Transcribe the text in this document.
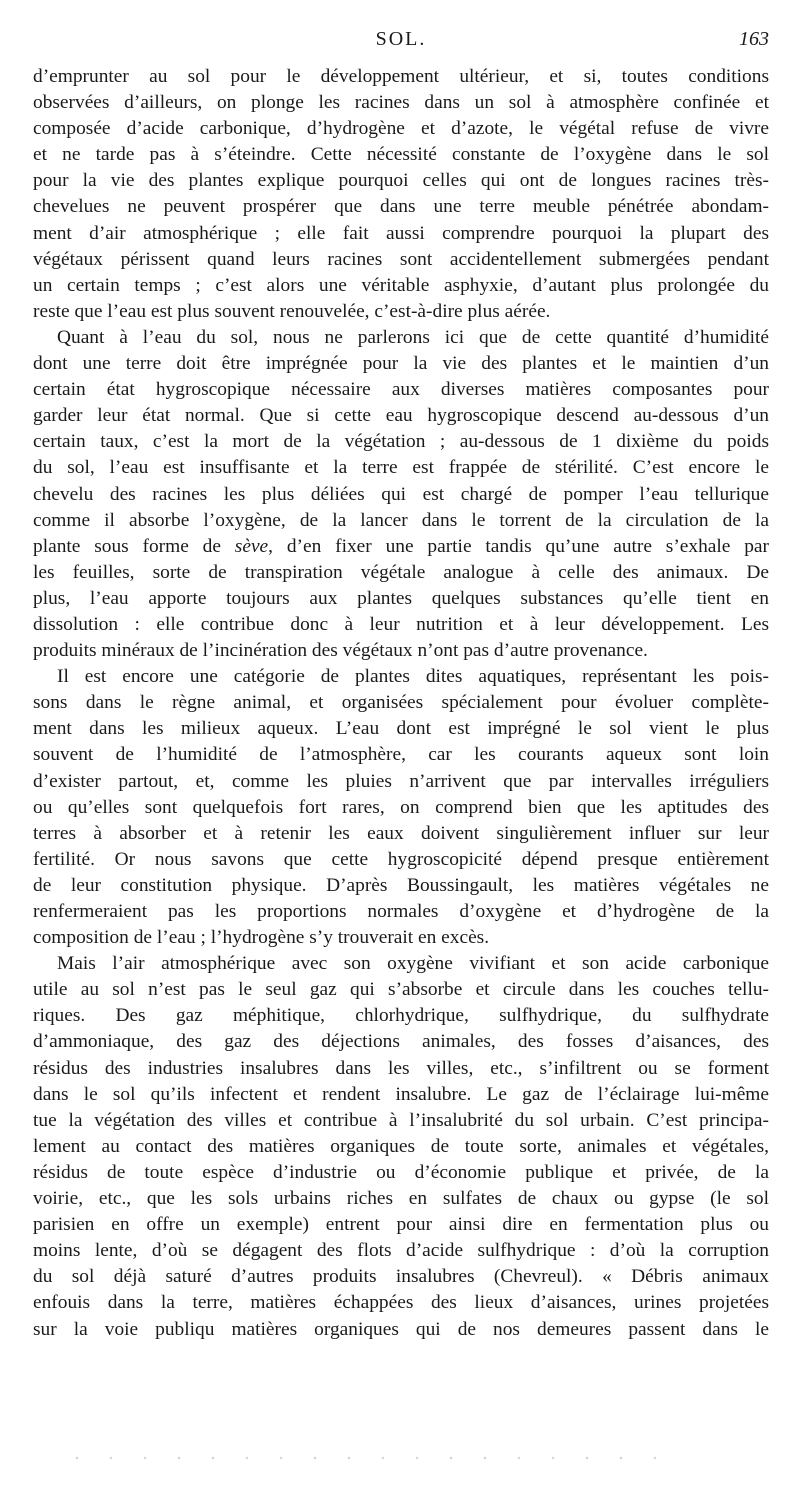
SOL.	163
d’emprunter au sol pour le développement ultérieur, et si, toutes conditions
observées d’ailleurs, on plonge les racines dans un sol à atmosphère confinée et
composée d’acide carbonique, d’hydrogène et d’azote, le végétal refuse de vivre
et ne tarde pas à s’éteindre. Cette nécessité constante de l’oxygène dans le sol
pour la vie des plantes explique pourquoi celles qui ont de longues racines très-
chevelues ne peuvent prospérer que dans une terre meuble pénétrée abondam-
ment d’air atmosphérique ; elle fait aussi comprendre pourquoi la plupart des
végétaux périssent quand leurs racines sont accidentellement submergées pendant
un certain temps ; c’est alors une véritable asphyxie, d’autant plus prolongée du
reste que l’eau est plus souvent renouvelée, c’est-à-dire plus aérée.
Quant à l’eau du sol, nous ne parlerons ici que de cette quantité d’humidité
dont une terre doit être imprégnée pour la vie des plantes et le maintien d’un
certain état hygroscopique nécessaire aux diverses matières composantes pour
garder leur état normal. Que si cette eau hygroscopique descend au-dessous d’un
certain taux, c’est la mort de la végétation ; au-dessous de 1 dixième du poids
du sol, l’eau est insuffisante et la terre est frappée de stérilité. C’est encore le
chevelu des racines les plus déliées qui est chargé de pomper l’eau tellurique
comme il absorbe l’oxygène, de la lancer dans le torrent de la circulation de la
plante sous forme de sève, d’en fixer une partie tandis qu’une autre s’exhale par
les feuilles, sorte de transpiration végétale analogue à celle des animaux. De
plus, l’eau apporte toujours aux plantes quelques substances qu’elle tient en
dissolution : elle contribue donc à leur nutrition et à leur développement. Les
produits minéraux de l’incinération des végétaux n’ont pas d’autre provenance.
Il est encore une catégorie de plantes dites aquatiques, représentant les pois-
sons dans le règne animal, et organisées spécialement pour évoluer complète-
ment dans les milieux aqueux. L’eau dont est imprégné le sol vient le plus
souvent de l’humidité de l’atmosphère, car les courants aqueux sont loin
d’exister partout, et, comme les pluies n’arrivent que par intervalles irréguliers
ou qu’elles sont quelquefois fort rares, on comprend bien que les aptitudes des
terres à absorber et à retenir les eaux doivent singulièrement influer sur leur
fertilité. Or nous savons que cette hygroscopicité dépend presque entièrement
de leur constitution physique. D’après Boussingault, les matières végétales ne
renfermeraient pas les proportions normales d’oxygène et d’hydrogène de la
composition de l’eau ; l’hydrogène s’y trouverait en excès.
Mais l’air atmosphérique avec son oxygène vivifiant et son acide carbonique
utile au sol n’est pas le seul gaz qui s’absorbe et circule dans les couches tellu-
riques. Des gaz méphitique, chlorhydrique, sulfhydrique, du sulfhydrate
d’ammoniaque, des gaz des déjections animales, des fosses d’aisances, des
résidus des industries insalubres dans les villes, etc., s’infiltrent ou se forment
dans le sol qu’ils infectent et rendent insalubre. Le gaz de l’éclairage lui-même
tue la végétation des villes et contribue à l’insalubrité du sol urbain. C’est principa-
lement au contact des matières organiques de toute sorte, animales et végétales,
résidus de toute espèce d’industrie ou d’économie publique et privée, de la
voirie, etc., que les sols urbains riches en sulfates de chaux ou gypse (le sol
parisien en offre un exemple) entrent pour ainsi dire en fermentation plus ou
moins lente, d’où se dégagent des flots d’acide sulfhydrique : d’où la corruption
du sol déjà saturé d’autres produits insalubres (Chevreul). « Débris animaux
enfouis dans la terre, matières échappées des lieux d’aisances, urines projetées
sur la voie publiqu matières organiques qui de nos demeures passent dans le
